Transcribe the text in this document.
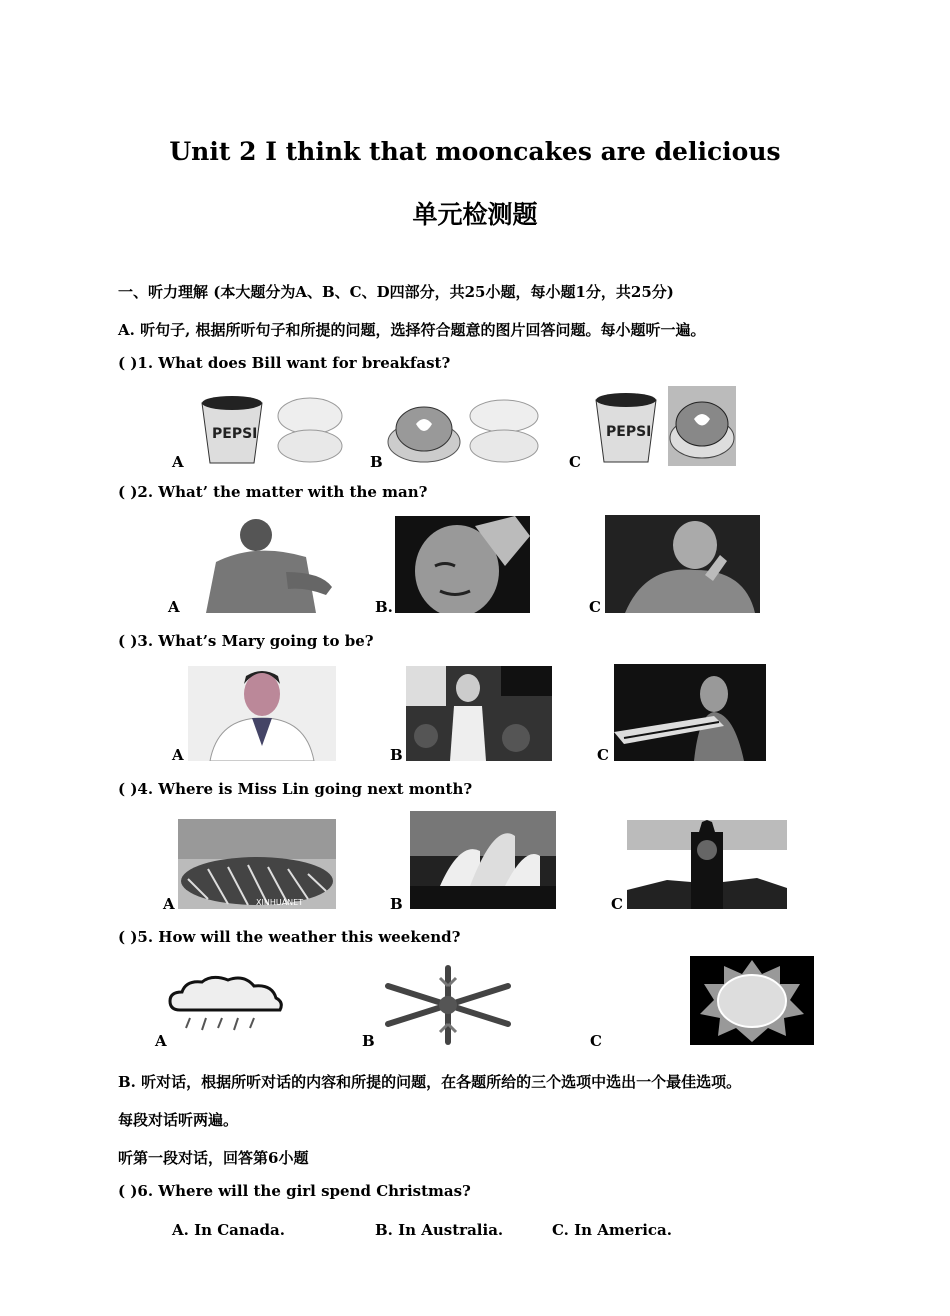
Unit 2 I think that mooncakes are delicious
单元检测题
一、听力理解 (本大题分为A、B、C、D四部分，共25小题，每小题1分，共25分)
A. 听句子, 根据所听句子和所提的问题，选择符合题意的图片回答问题。每小题听一遍。
( )1. What does Bill want for breakfast?
A
PEPSI
B	C
PEPSI
( )2. What’ the matter with the man?
A	B.	C
( )3. What’s Mary going to be?
A	B	C
( )4. Where is Miss Lin going next month?
A	XINHUANET	B	C
( )5. How will the weather this weekend?
A	B	C
B. 听对话，根据所听对话的内容和所提的问题，在各题所给的三个选项中选出一个最佳选项。
每段对话听两遍。
听第一段对话，回答第6小题
( )6. Where will the girl spend Christmas?
A. In Canada.	B. In Australia.	C. In America.
